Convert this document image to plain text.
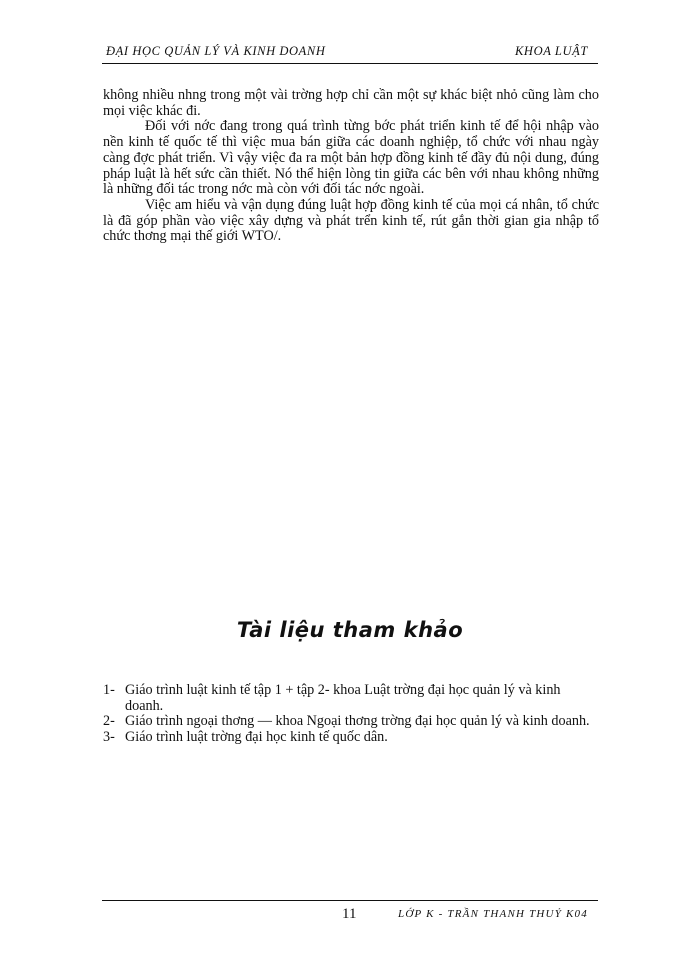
ĐẠI HỌC QUẢN LÝ VÀ KINH DOANH	KHOA LUẬT

không nhiều nhng trong một vài trờng hợp chỉ cần một sự khác biệt nhỏ cũng làm cho mọi việc khác đi.

Đối với nớc đang trong quá trình từng bớc phát triển kinh tế để hội nhập vào nền kinh tế quốc tế thì việc mua bán giữa các doanh nghiệp, tổ chức với nhau ngày càng đợc phát triển. Vì vậy việc đa ra một bản hợp đồng kinh tế đầy đủ nội dung, đúng pháp luật là hết sức cần thiết. Nó thể hiện lòng tin giữa các bên với nhau không những là những đối tác trong nớc mà còn với đối tác nớc ngoài.

Việc am hiểu và vận dụng đúng luật hợp đồng kinh tế của mọi cá nhân, tổ chức là đã góp phần vào việc xây dựng và phát trển kinh tế, rút gắn thời gian gia nhập tổ chức thơng mại thế giới WTO/.

Tài liệu tham khảo
1- Giáo trình luật kinh tế tập 1 + tập 2- khoa Luật trờng đại học quản lý và kinh doanh.
2- Giáo trình ngoại thơng — khoa Ngoại thơng trờng đại học quản lý và kinh doanh.
3- Giáo trình luật trờng đại học kinh tế quốc dân.
11	LỚP K - TRẦN THANH THUỶ K04
